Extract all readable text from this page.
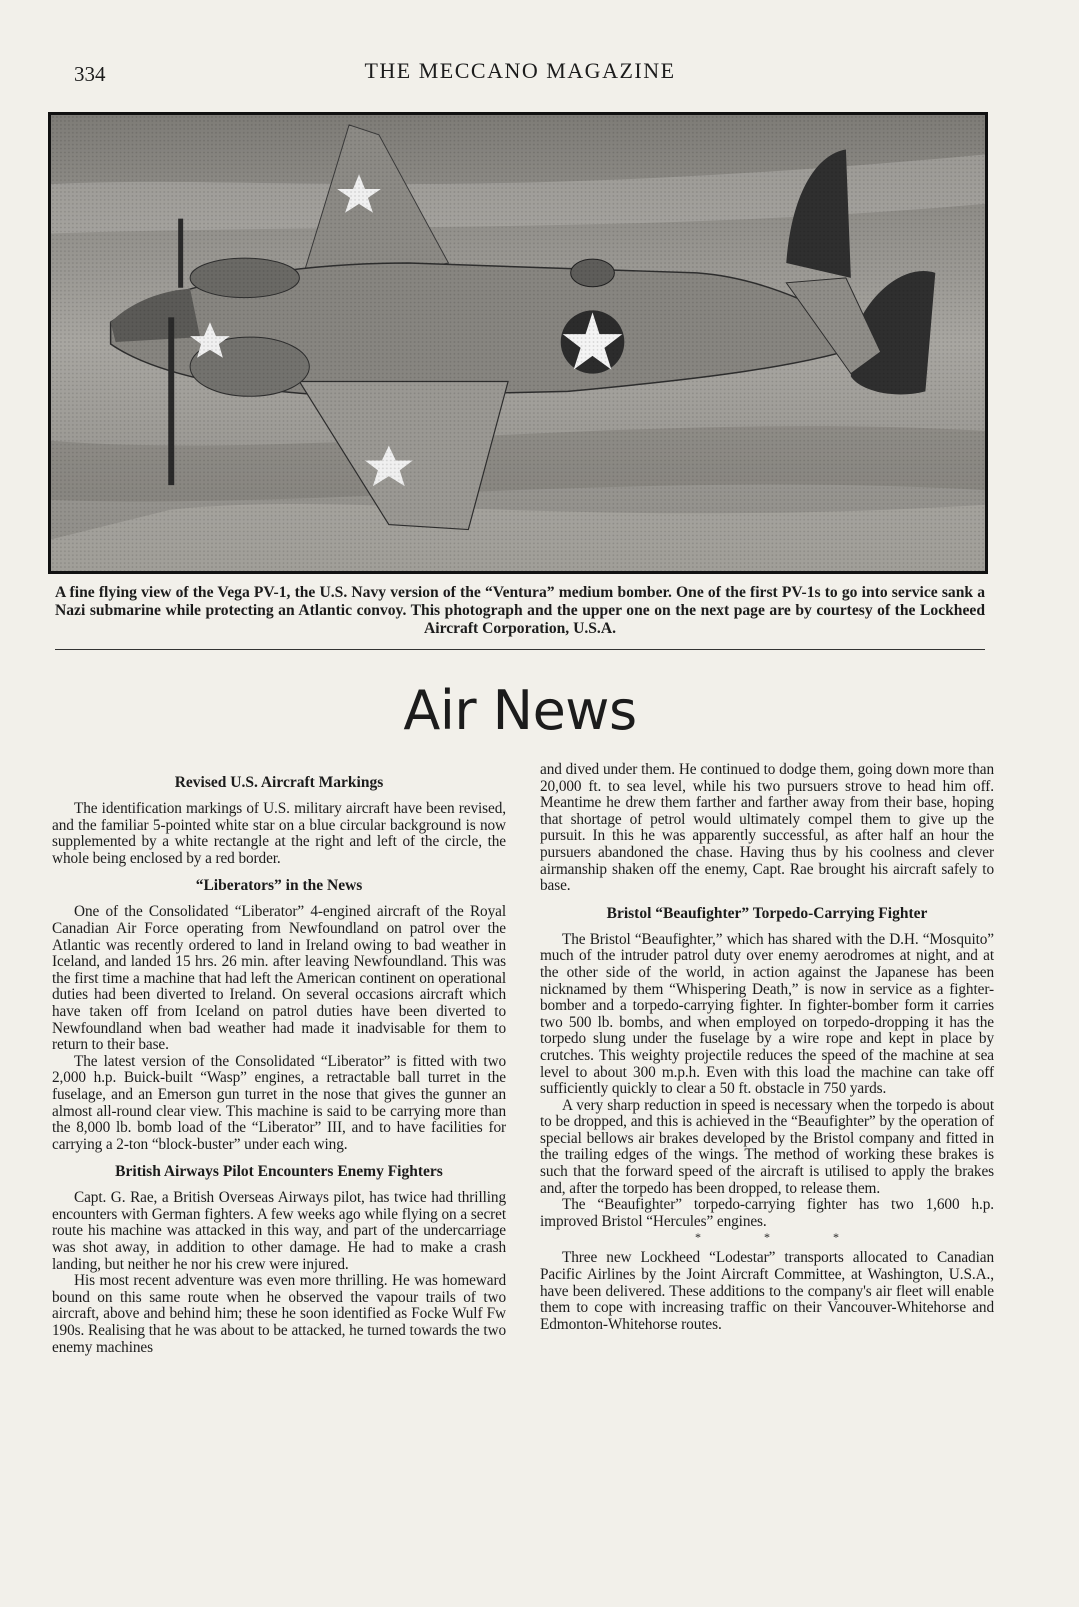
334	THE MECCANO MAGAZINE
A fine flying view of the Vega PV-1, the U.S. Navy version of the “Ventura” medium bomber. One of the first PV-1s to go into service sank a Nazi submarine while protecting an Atlantic convoy. This photograph and the upper one on the next page are by courtesy of the Lockheed Aircraft Corporation, U.S.A.
Air News
Revised U.S. Aircraft Markings

The identification markings of U.S. military aircraft have been revised, and the familiar 5-pointed white star on a blue circular background is now supplemented by a white rectangle at the right and left of the circle, the whole being enclosed by a red border.

“Liberators” in the News

One of the Consolidated “Liberator” 4-engined aircraft of the Royal Canadian Air Force operating from Newfoundland on patrol over the Atlantic was recently ordered to land in Ireland owing to bad weather in Iceland, and landed 15 hrs. 26 min. after leaving Newfoundland. This was the first time a machine that had left the American continent on operational duties had been diverted to Ireland. On several occasions aircraft which have taken off from Iceland on patrol duties have been diverted to Newfoundland when bad weather had made it inadvisable for them to return to their base.

The latest version of the Consolidated “Liberator” is fitted with two 2,000 h.p. Buick-built “Wasp” engines, a retractable ball turret in the fuselage, and an Emerson gun turret in the nose that gives the gunner an almost all-round clear view. This machine is said to be carrying more than the 8,000 lb. bomb load of the “Liberator” III, and to have facilities for carrying a 2-ton “block-buster” under each wing.

British Airways Pilot Encounters Enemy Fighters

Capt. G. Rae, a British Overseas Airways pilot, has twice had thrilling encounters with German fighters. A few weeks ago while flying on a secret route his machine was attacked in this way, and part of the undercarriage was shot away, in addition to other damage. He had to make a crash landing, but neither he nor his crew were injured.

His most recent adventure was even more thrilling. He was homeward bound on this same route when he observed the vapour trails of two aircraft, above and behind him; these he soon identified as Focke Wulf Fw 190s. Realising that he was about to be attacked, he turned towards the two enemy machines

and dived under them. He continued to dodge them, going down more than 20,000 ft. to sea level, while his two pursuers strove to head him off. Meantime he drew them farther and farther away from their base, hoping that shortage of petrol would ultimately compel them to give up the pursuit. In this he was apparently successful, as after half an hour the pursuers abandoned the chase. Having thus by his coolness and clever airmanship shaken off the enemy, Capt. Rae brought his aircraft safely to base.

Bristol “Beaufighter” Torpedo-Carrying Fighter

The Bristol “Beaufighter,” which has shared with the D.H. “Mosquito” much of the intruder patrol duty over enemy aerodromes at night, and at the other side of the world, in action against the Japanese has been nicknamed by them “Whispering Death,” is now in service as a fighter-bomber and a torpedo-carrying fighter. In fighter-bomber form it carries two 500 lb. bombs, and when employed on torpedo-dropping it has the torpedo slung under the fuselage by a wire rope and kept in place by crutches. This weighty projectile reduces the speed of the machine at sea level to about 300 m.p.h. Even with this load the machine can take off sufficiently quickly to clear a 50 ft. obstacle in 750 yards.

A very sharp reduction in speed is necessary when the torpedo is about to be dropped, and this is achieved in the “Beaufighter” by the operation of special bellows air brakes developed by the Bristol company and fitted in the trailing edges of the wings. The method of working these brakes is such that the forward speed of the aircraft is utilised to apply the brakes and, after the torpedo has been dropped, to release them.

The “Beaufighter” torpedo-carrying fighter has two 1,600 h.p. improved Bristol “Hercules” engines.

* * *

Three new Lockheed “Lodestar” transports allocated to Canadian Pacific Airlines by the Joint Aircraft Committee, at Washington, U.S.A., have been delivered. These additions to the company's air fleet will enable them to cope with increasing traffic on their Vancouver-Whitehorse and Edmonton-Whitehorse routes.
